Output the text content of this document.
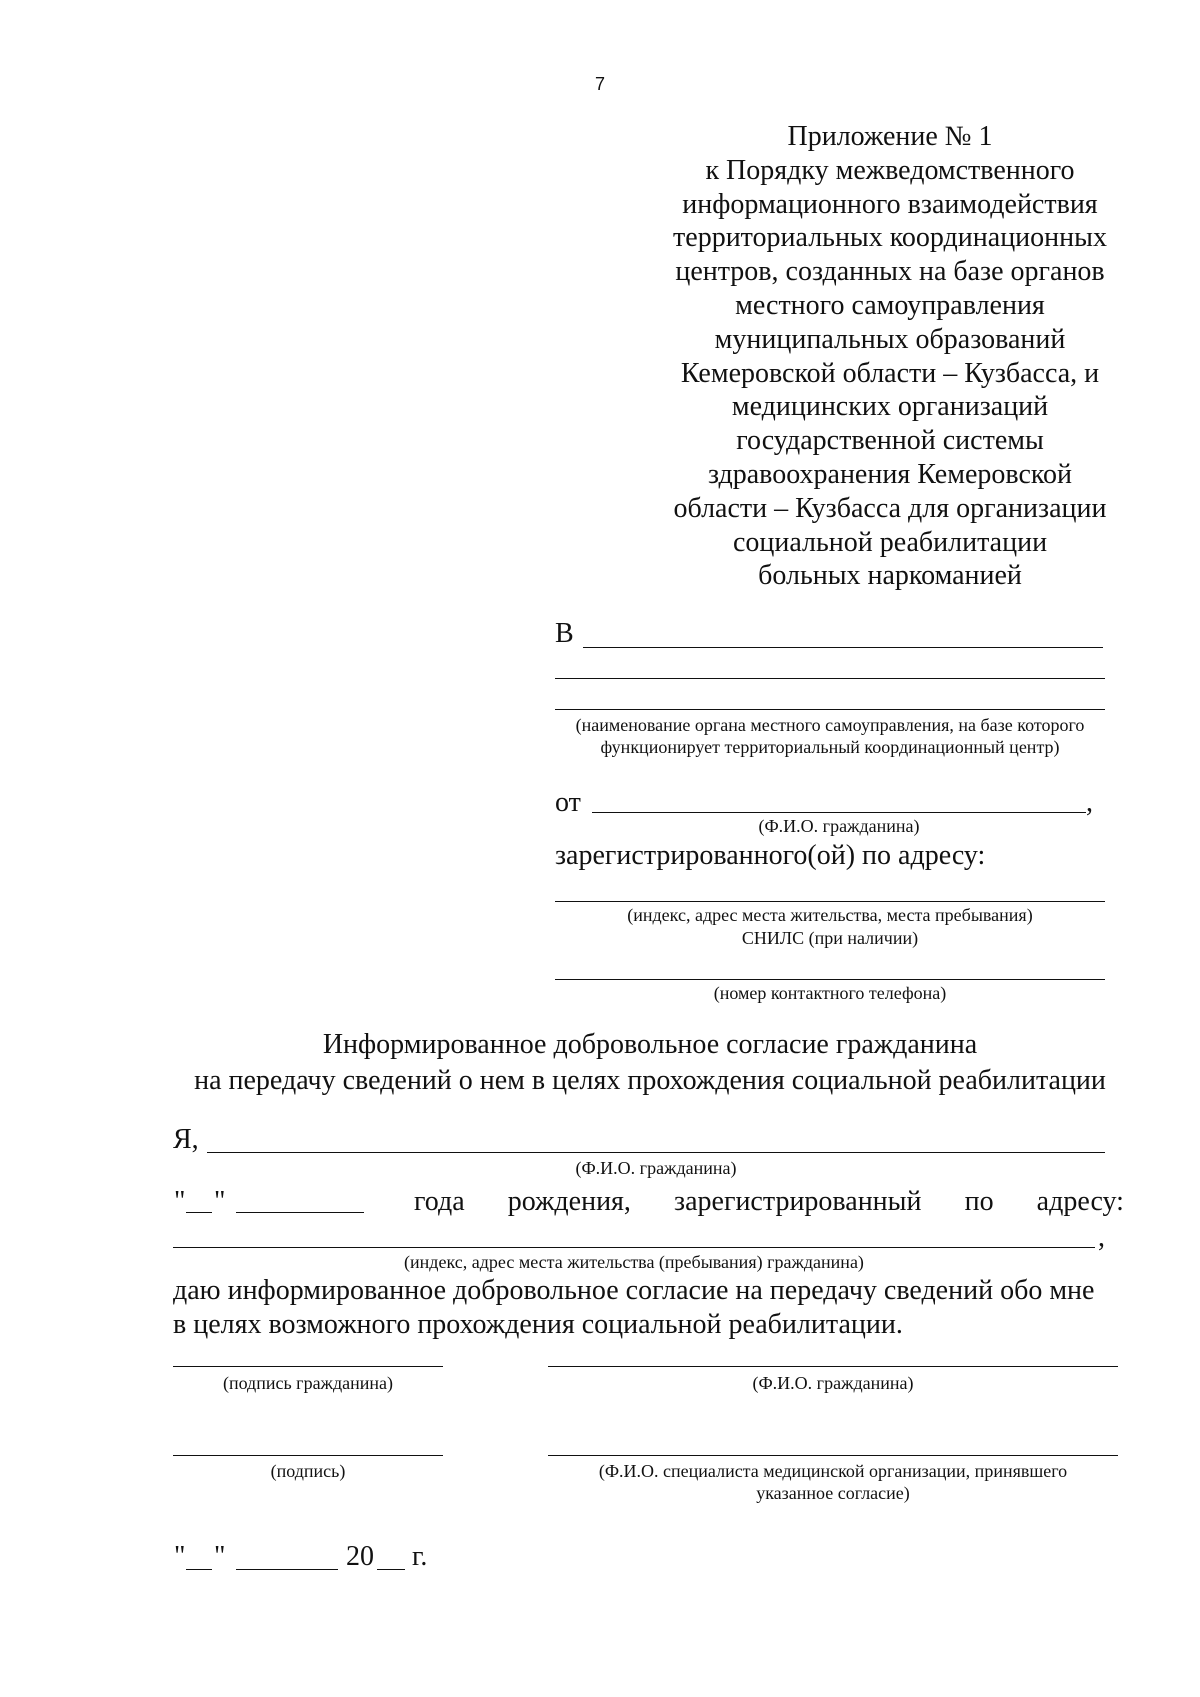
7
Приложение № 1
к Порядку межведомственного
информационного взаимодействия
территориальных координационных
центров, созданных на базе органов
местного самоуправления
муниципальных образований
Кемеровской области – Кузбасса, и
медицинских организаций
государственной системы
здравоохранения Кемеровской
области – Кузбасса для организации
социальной реабилитации
больных наркоманией
В
(наименование органа местного самоуправления, на базе которого функционирует территориальный координационный центр)
от	,
(Ф.И.О. гражданина)
зарегистрированного(ой) по адресу:
(индекс, адрес места жительства, места пребывания)
СНИЛС (при наличии)
(номер контактного телефона)
Информированное добровольное согласие гражданина
на передачу сведений о нем в целях прохождения социальной реабилитации
Я,
(Ф.И.О. гражданина)
" "	года рождения, зарегистрированный по адресу:
,
(индекс, адрес места жительства (пребывания) гражданина)
даю информированное добровольное согласие на передачу сведений обо мне
в целях возможного прохождения социальной реабилитации.
(подпись гражданина)	(Ф.И.О. гражданина)
(подпись)	(Ф.И.О. специалиста медицинской организации, принявшего
указанное согласие)
" "	20 г.
